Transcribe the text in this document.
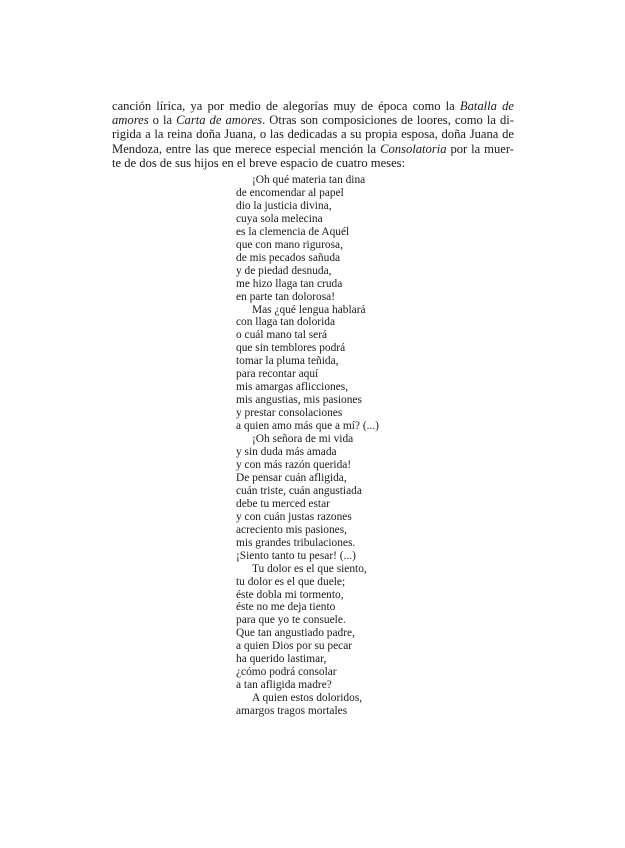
canción lírica, ya por medio de alegorías muy de época como la Batalla de
amores o la Carta de amores. Otras son composiciones de loores, como la di-
rigida a la reina doña Juana, o las dedicadas a su propia esposa, doña Juana de
Mendoza, entre las que merece especial mención la Consolatoria por la muer-
te de dos de sus hijos en el breve espacio de cuatro meses:
¡Oh qué materia tan dina
de encomendar al papel
dio la justicia divina,
cuya sola melecina
es la clemencia de Aquél
que con mano rigurosa,
de mis pecados sañuda
y de piedad desnuda,
me hizo llaga tan cruda
en parte tan dolorosa!
Mas ¿qué lengua hablará
con llaga tan dolorida
o cuál mano tal será
que sin temblores podrá
tomar la pluma teñida,
para recontar aquí
mis amargas aflicciones,
mis angustias, mis pasiones
y prestar consolaciones
a quien amo más que a mí? (...)
¡Oh señora de mi vida
y sin duda más amada
y con más razón querida!
De pensar cuán afligida,
cuán triste, cuán angustiada
debe tu merced estar
y con cuán justas razones
acreciento mis pasiones,
mis grandes tribulaciones.
¡Siento tanto tu pesar! (...)
Tu dolor es el que siento,
tu dolor es el que duele;
éste dobla mi tormento,
éste no me deja tiento
para que yo te consuele.
Que tan angustiado padre,
a quien Dios por su pecar
ha querido lastimar,
¿cómo podrá consolar
a tan afligida madre?
A quien estos doloridos,
amargos tragos mortales
